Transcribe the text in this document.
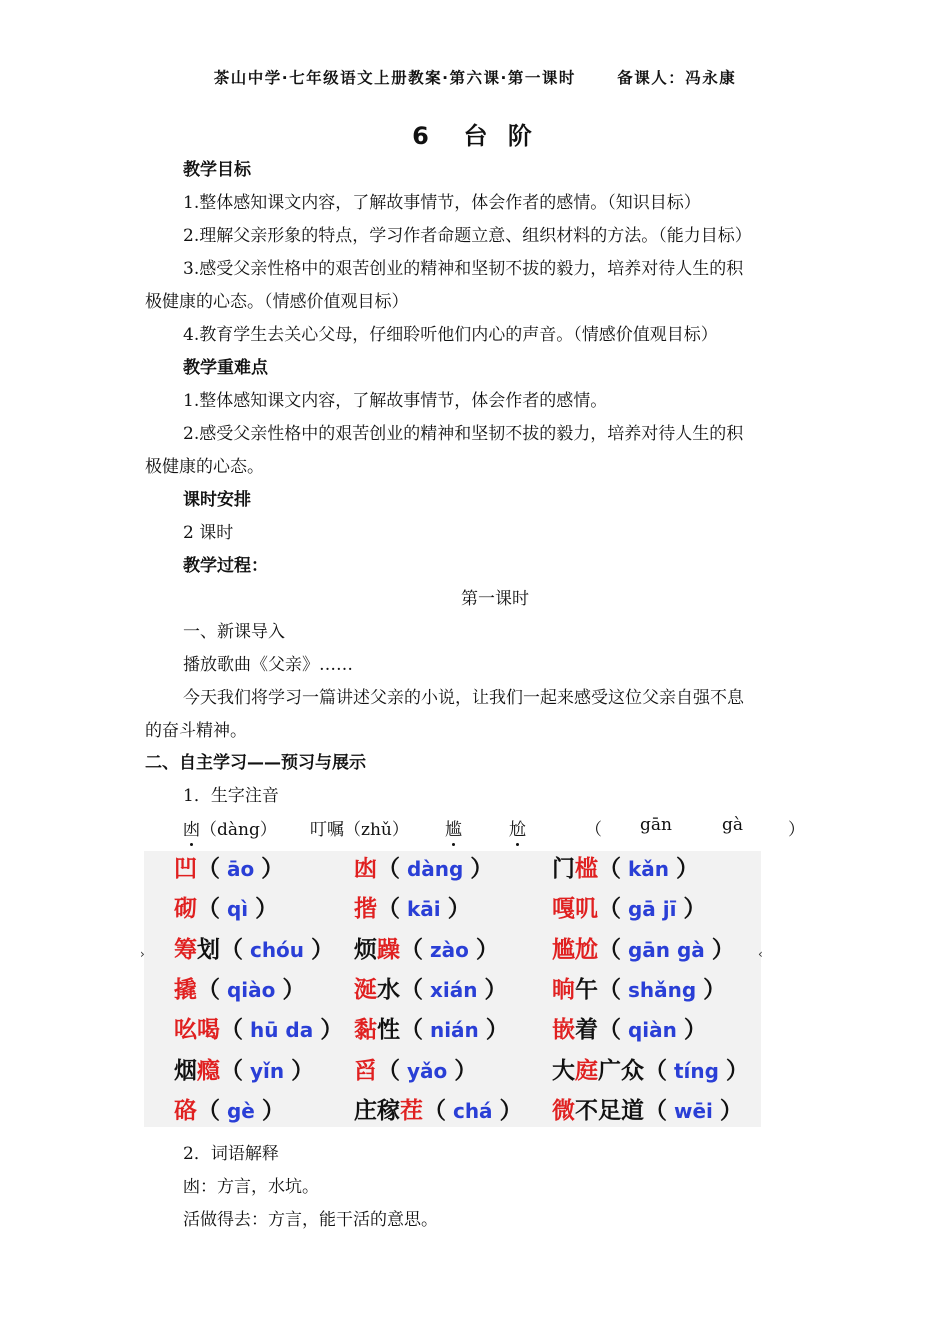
茶山中学·七年级语文上册教案·第六课·第一课时      备课人：冯永康
6  台 阶
教学目标
1.整体感知课文内容，了解故事情节，体会作者的感情。（知识目标）
2.理解父亲形象的特点，学习作者命题立意、组织材料的方法。（能力目标）
3.感受父亲性格中的艰苦创业的精神和坚韧不拔的毅力，培养对待人生的积
极健康的心态。（情感价值观目标）
4.教育学生去关心父母，仔细聆听他们内心的声音。（情感价值观目标）
教学重难点
1.整体感知课文内容，了解故事情节，体会作者的感情。
2.感受父亲性格中的艰苦创业的精神和坚韧不拔的毅力，培养对待人生的积
极健康的心态。
课时安排
2 课时
教学过程：
第一课时
一、新课导入
播放歌曲《父亲》……
今天我们将学习一篇讲述父亲的小说，让我们一起来感受这位父亲自强不息
的奋斗精神。
二、自主学习——预习与展示
1．生字注音
凼（dàng） 叮嘱（zhǔ） 尴	尬	（ gān	gà	）
凹（ āo ）	凼（ dàng ）	门槛（ kǎn ）
砌（ qì ）	揩（ kāi ）	嘎叽（ gā jī ）
筹划（ chóu ） 烦躁（ zào ） 尴尬（ gān gà ）
撬（ qiào ） 涎水（ xián ） 晌午（ shǎng ）
吆喝（ hū da ） 黏性（ nián ） 嵌着（ qiàn ）
烟瘾（ yǐn ） 舀（ yǎo ）	大庭广众（ tíng ）
硌（ gè ）	庄稼茬（ chá ） 微不足道（ wēi ）
›	‹
2．词语解释
凼：方言，水坑。
活做得去：方言，能干活的意思。
